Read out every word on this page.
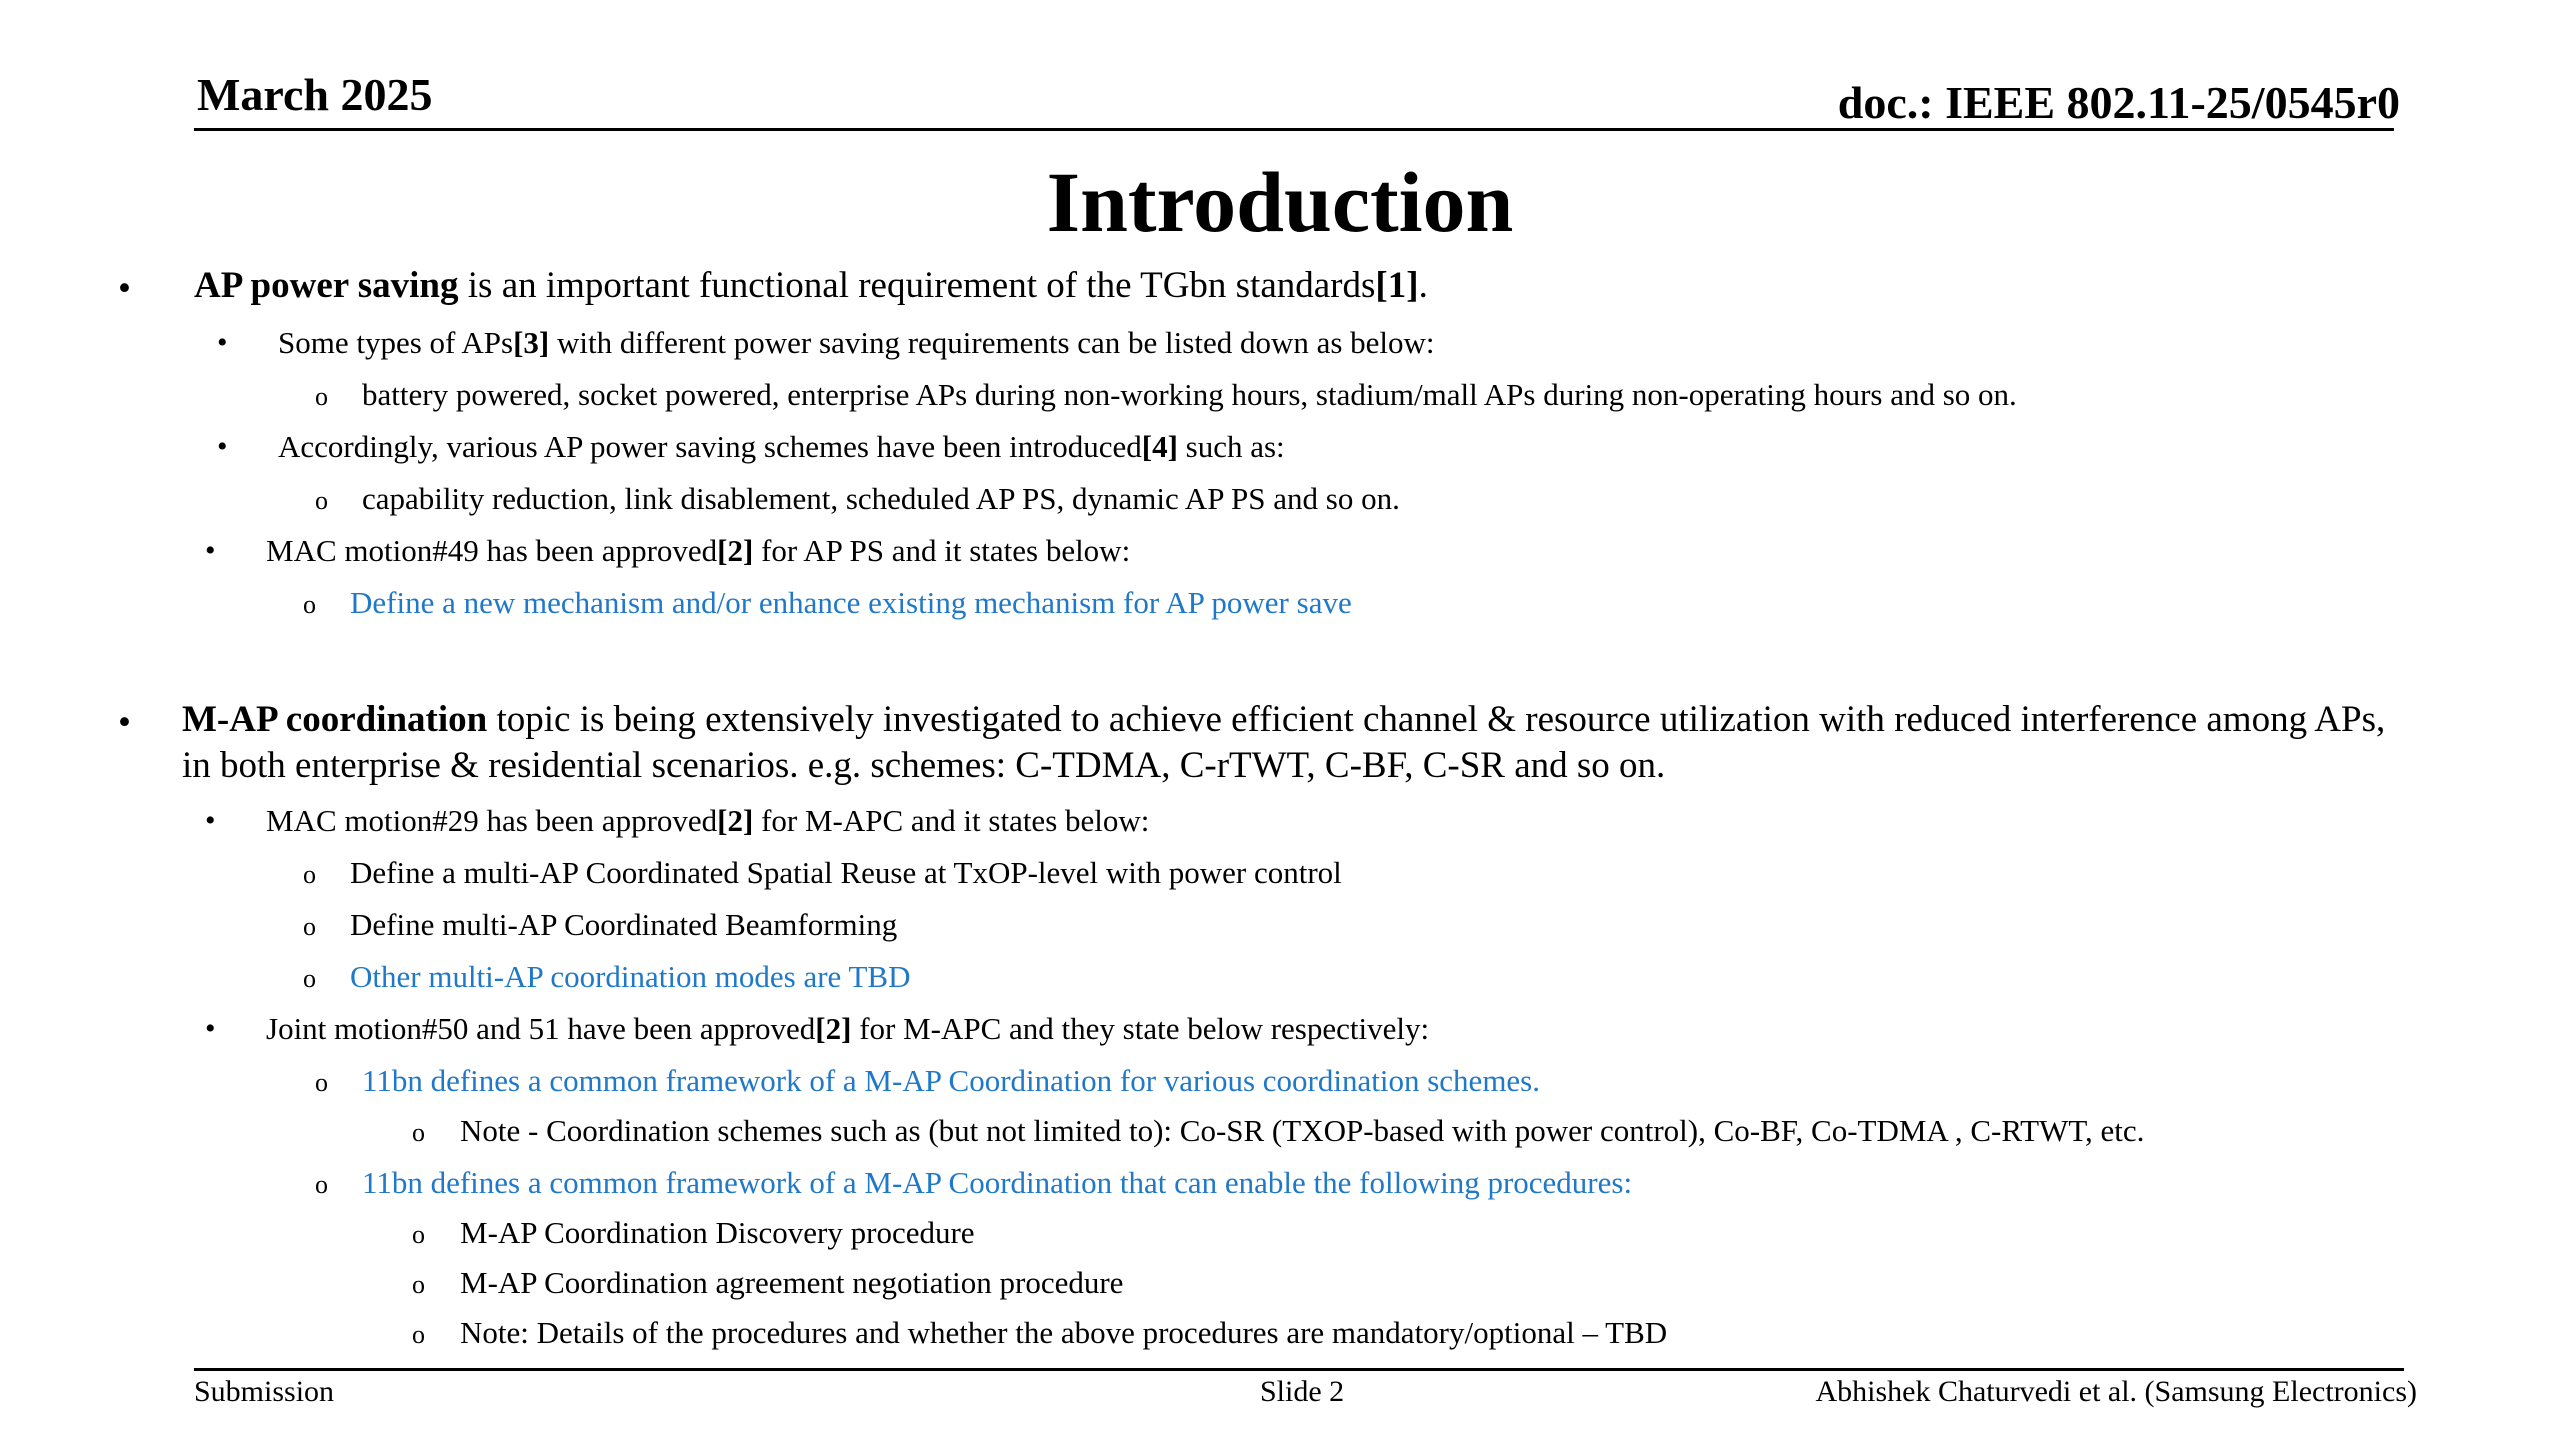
March 2025	doc.: IEEE 802.11-25/0545r0
Introduction
• AP power saving is an important functional requirement of the TGbn standards[1].
• Some types of APs[3] with different power saving requirements can be listed down as below:
o battery powered, socket powered, enterprise APs during non-working hours, stadium/mall APs during non-operating hours and so on.
• Accordingly, various AP power saving schemes have been introduced[4] such as:
o capability reduction, link disablement, scheduled AP PS, dynamic AP PS and so on.
• MAC motion#49 has been approved[2] for AP PS and it states below:
o Define a new mechanism and/or enhance existing mechanism for AP power save
• M-AP coordination topic is being extensively investigated to achieve efficient channel & resource utilization with reduced interference among APs,
in both enterprise & residential scenarios. e.g. schemes: C-TDMA, C-rTWT, C-BF, C-SR and so on.
• MAC motion#29 has been approved[2] for M-APC and it states below:
o Define a multi-AP Coordinated Spatial Reuse at TxOP-level with power control
o Define multi-AP Coordinated Beamforming
o Other multi-AP coordination modes are TBD
• Joint motion#50 and 51 have been approved[2] for M-APC and they state below respectively:
o 11bn defines a common framework of a M-AP Coordination for various coordination schemes.
o Note - Coordination schemes such as (but not limited to): Co-SR (TXOP-based with power control), Co-BF, Co-TDMA , C-RTWT, etc.
o 11bn defines a common framework of a M-AP Coordination that can enable the following procedures:
o M-AP Coordination Discovery procedure
o M-AP Coordination agreement negotiation procedure
o Note: Details of the procedures and whether the above procedures are mandatory/optional – TBD
Submission	Slide 2	Abhishek Chaturvedi et al. (Samsung Electronics)
